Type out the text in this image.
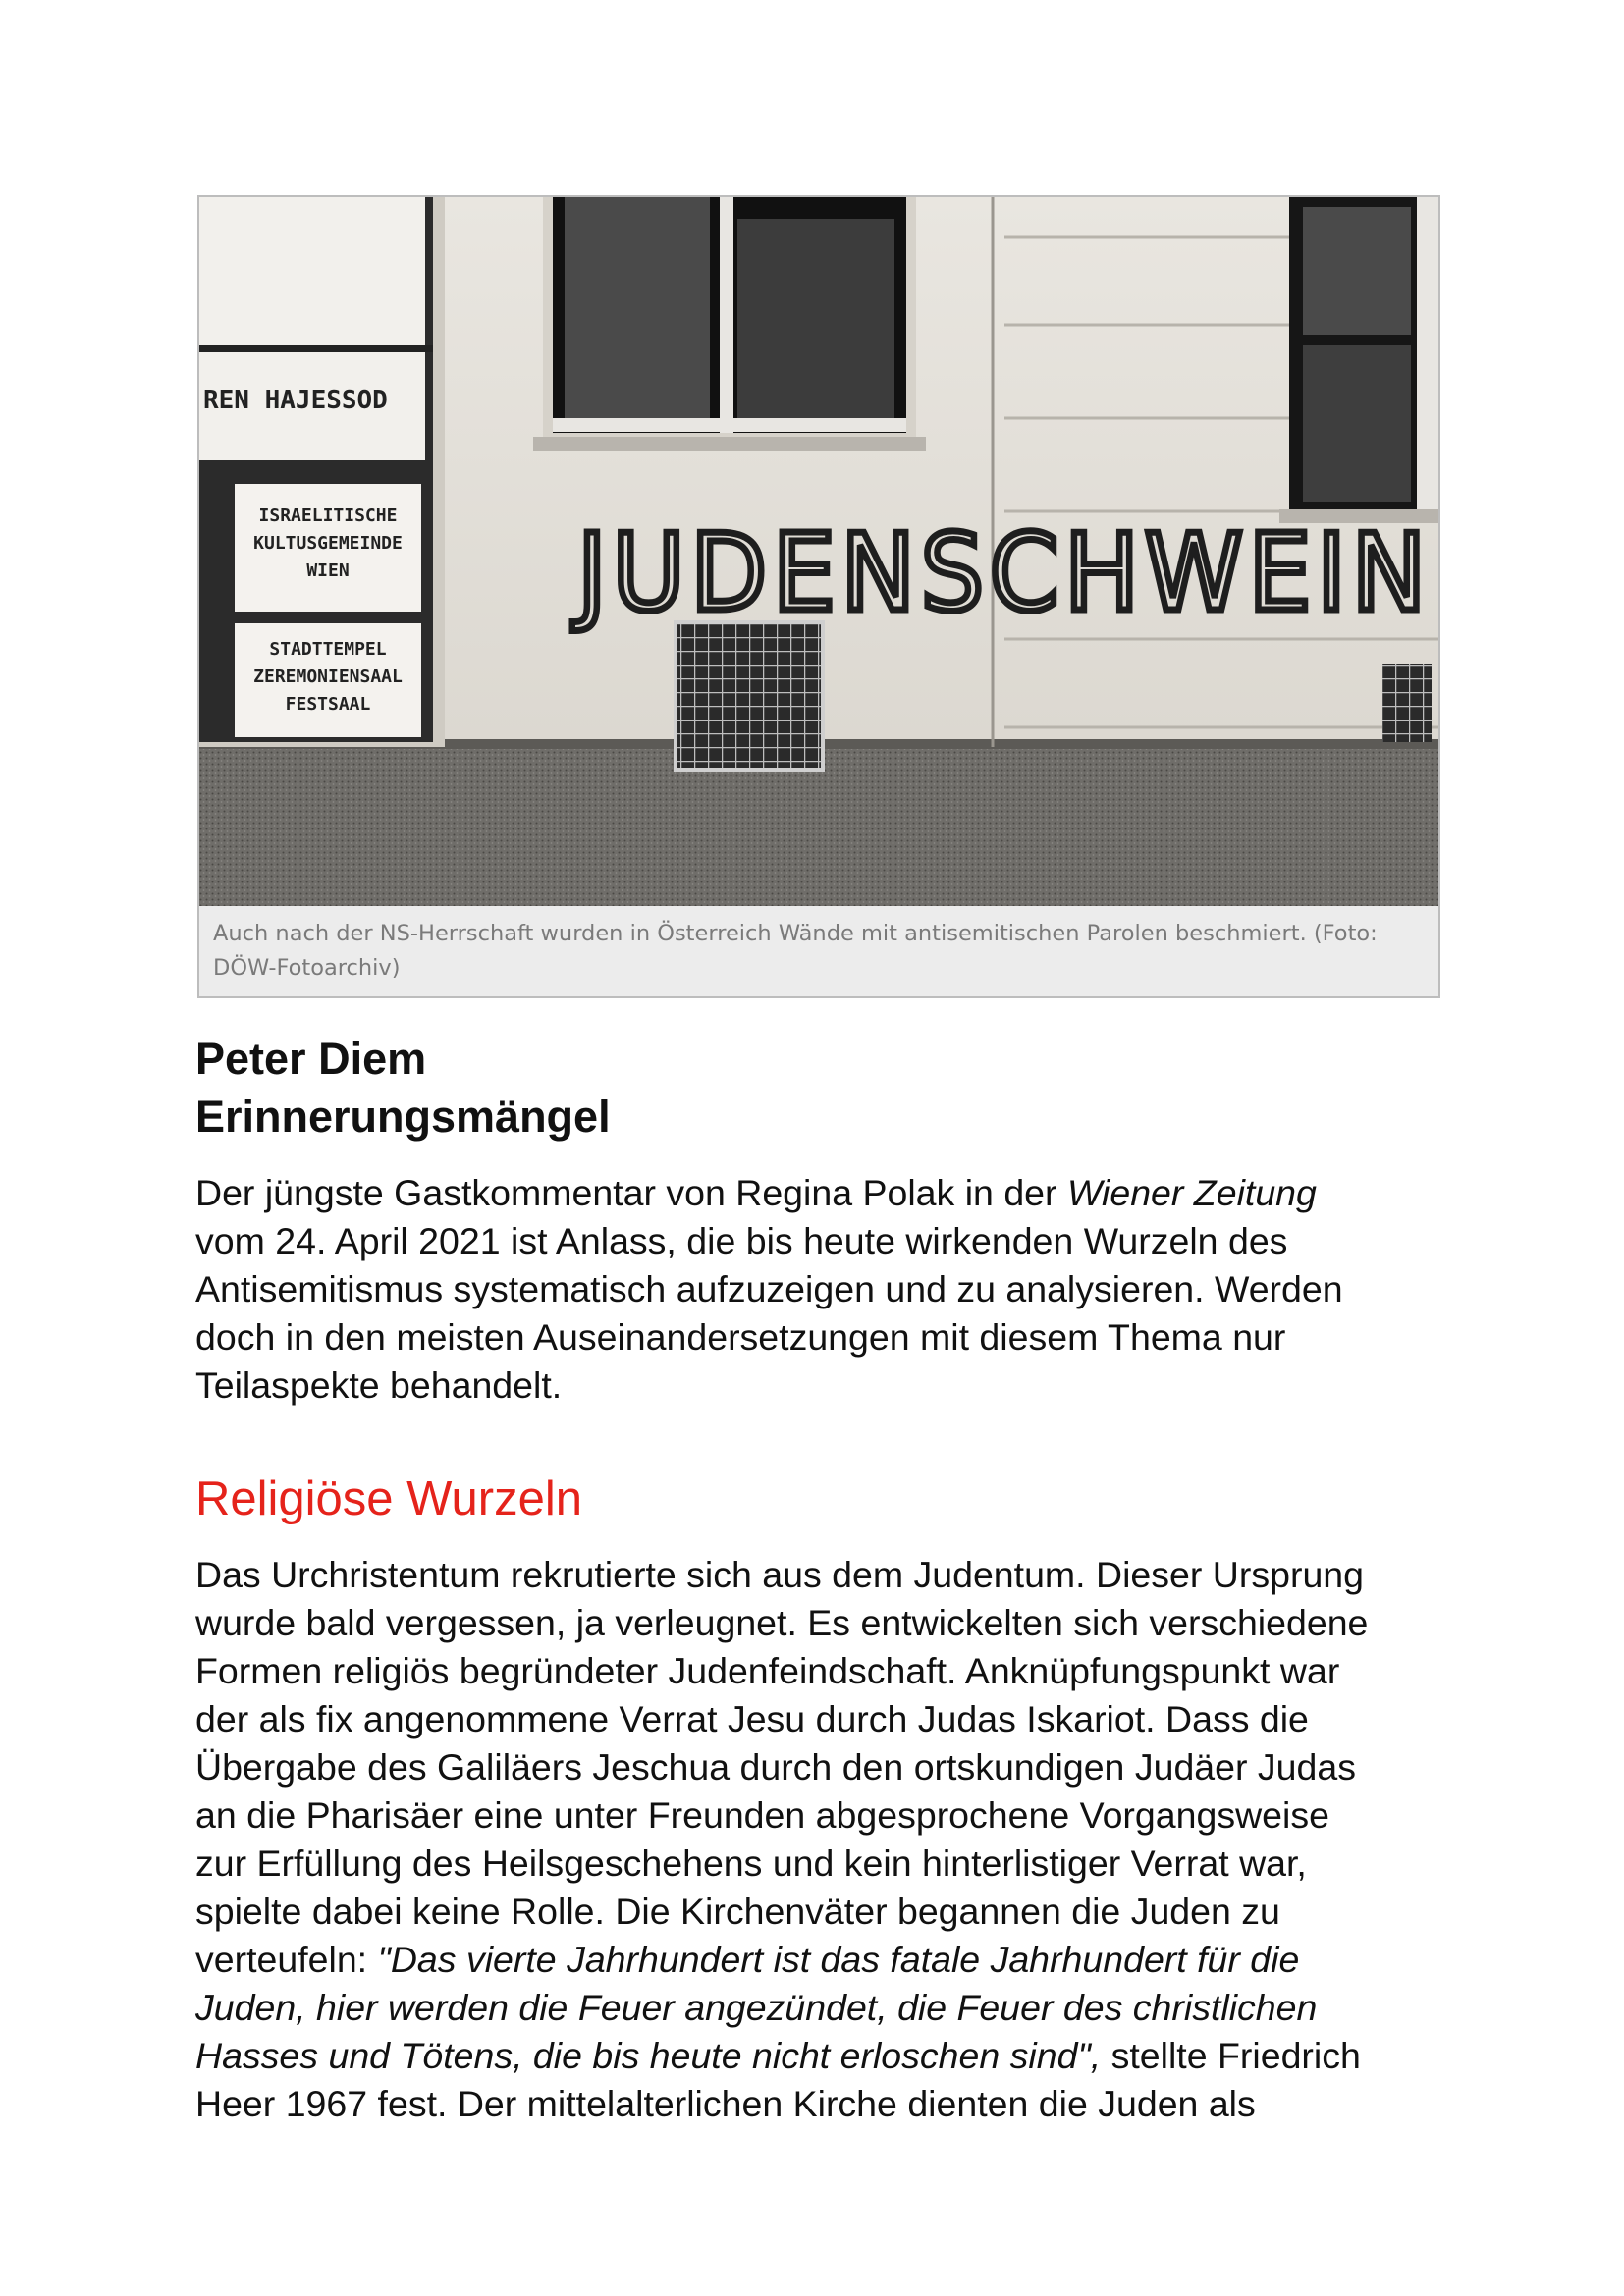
REN HAJESSOD
ISRAELITISCHE
KULTUSGEMEINDE
WIEN
STADTTEMPEL
ZEREMONIENSAAL
FESTSAAL
JUDENSCHWEIN
Auch nach der NS-Herrschaft wurden in Österreich Wände mit antisemitischen Parolen beschmiert. (Foto:
DÖW-Fotoarchiv)
Peter Diem
Erinnerungsmängel
Der jüngste Gastkommentar von Regina Polak in der Wiener Zeitung
vom 24. April 2021 ist Anlass, die bis heute wirkenden Wurzeln des
Antisemitismus systematisch aufzuzeigen und zu analysieren. Werden
doch in den meisten Auseinandersetzungen mit diesem Thema nur
Teilaspekte behandelt.
Religiöse Wurzeln
Das Urchristentum rekrutierte sich aus dem Judentum. Dieser Ursprung
wurde bald vergessen, ja verleugnet. Es entwickelten sich verschiedene
Formen religiös begründeter Judenfeindschaft. Anknüpfungspunkt war
der als fix angenommene Verrat Jesu durch Judas Iskariot. Dass die
Übergabe des Galiläers Jeschua durch den ortskundigen Judäer Judas
an die Pharisäer eine unter Freunden abgesprochene Vorgangsweise
zur Erfüllung des Heilsgeschehens und kein hinterlistiger Verrat war,
spielte dabei keine Rolle. Die Kirchenväter begannen die Juden zu
verteufeln: "Das vierte Jahrhundert ist das fatale Jahrhundert für die
Juden, hier werden die Feuer angezündet, die Feuer des christlichen
Hasses und Tötens, die bis heute nicht erloschen sind", stellte Friedrich
Heer 1967 fest. Der mittelalterlichen Kirche dienten die Juden als
